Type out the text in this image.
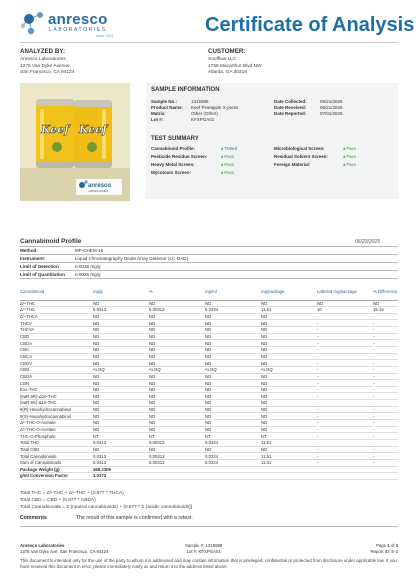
anresco
LABORATORIES
since 1943	Certificate of Analysis
ANALYZED BY:
Anresco Laboratories
1375 Van Dyke Avenue,
San Francisco, CA 94124
CUSTOMER:
Soofflaw LLC
1758 Macarthur Blvd NW
Atlanta, GA 30318
Keef Keef
anresco
LABORATORIES
SAMPLE INFORMATION
Sample No.:	1315988
Product Name: Keef Pineapple X-press
Matrix:	Other (Other)
Lot #:	KFXPGA01
Date Collected:	06/21/2025
Date Received:	06/21/2025
Date Reported:	07/01/2025
TEST SUMMARY
Cannabinoid Profile:	● Tested
Pesticide Residue Screen:	● Pass
Heavy Metal Screen:	● Pass
Mycotoxin Screen:	● Pass
Microbiological Screen:	● Pass
Residual Solvent Screen:	● Pass
Foreign Material:	● Pass
Cannabinoid Profile	06/23/2025
Method:	MF-CHEM-15
Instrument:	Liquid Chromatography Diode Array Detector (LC-DAD)
Limit of Detection	0.0038 mg/g
Limit of Quantitation 0.0025 mg/g
Cannabinoid	mg/g	%	mg/ml	mg/package	Labeled mg/package	% Difference
Δ⁸-THC	ND	ND	ND	ND	ND	ND
Δ⁹-THC	0.0313	0.00313	0.0324	11.51	10	15.15
Δ⁹-THCA	ND	ND	ND	ND	-	-
THCV	ND	ND	ND	ND	-	-
THCVA	ND	ND	ND	ND	-	-
CBD	ND	ND	ND	ND	-	-
CBDA	ND	ND	ND	ND	-	-
CBC	ND	ND	ND	ND	-	-
CBCA	ND	ND	ND	ND	-	-
CBDV	ND	ND	ND	ND	-	-
CBG	<LOQ	<LOQ	<LOQ	<LOQ	-	-
CBGA	ND	ND	ND	ND	-	-
CBN	ND	ND	ND	ND	-	-
Exo-THC	ND	ND	ND	ND	-	-
(6aR,9R)-Δ10-THC	ND	ND	ND	ND	-	-
(6aR,9S)-Δ10-THC	ND	ND	ND	ND	-	-
9(R)-Hexahydrocannabinol	ND	ND	ND	ND	-	-
9(S)-Hexahydrocannabinol	ND	ND	ND	ND	-	-
Δ⁸-THC-O-Acetate	ND	ND	ND	ND	-	-
Δ⁹-THC-O-Acetate	ND	ND	ND	ND	-	-
THC-O-Phosphate	NT	NT	NT	NT	-	-
Total THC	0.0313	0.00313	0.0324	11.51	-	-
Total CBD	ND	ND	ND	ND	-	-
Total Cannabinoids	0.0313	0.00313	0.0324	11.51	-	-
Sum of Cannabinoids	0.0313	0.00313	0.0324	11.51	-	-
Package Weight (g)	368.2309					
g/ml Conversion Factor	1.0373					
Total THC = Δ⁸-THC + Δ⁹-THC + (0.877 * THCA)
Total CBD = CBD + (0.877 * CBDA)
Total Cannabinoids = Σ (neutral cannabinoids) + [0.877 * Σ (acidic cannabinoids)]
Comments	The result of this sample is confirmed with a retest.
Anresco Laboratories
1375 Van Dyke Ave, San Francisco, CA 94124
Sample #: 1315988
Lot #: KFXPGA01
Page 1 of 3
Report ID: S-2
This document is intended only for the use of the party to whom it is addressed and may contain information that is privileged, confidential or protected from disclosure under applicable law. If you have received this document in error, please immediately notify us and return it to the address listed above.
